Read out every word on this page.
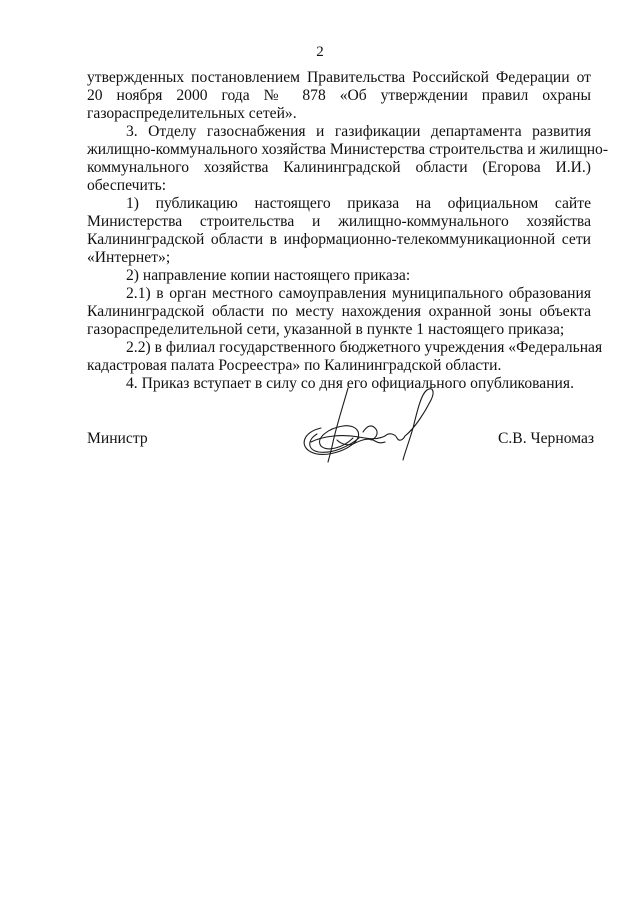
2
утвержденных постановлением Правительства Российской Федерации от
20 ноября 2000 года № 878 «Об утверждении правил охраны
газораспределительных сетей».
3. Отделу газоснабжения и газификации департамента развития
жилищно-коммунального хозяйства Министерства строительства и жилищно-
коммунального хозяйства Калининградской области (Егорова И.И.)
обеспечить:
1) публикацию настоящего приказа на официальном сайте
Министерства строительства и жилищно-коммунального хозяйства
Калининградской области в информационно-телекоммуникационной сети
«Интернет»;
2) направление копии настоящего приказа:
2.1) в орган местного самоуправления муниципального образования
Калининградской области по месту нахождения охранной зоны объекта
газораспределительной сети, указанной в пункте 1 настоящего приказа;
2.2) в филиал государственного бюджетного учреждения «Федеральная
кадастровая палата Росреестра» по Калининградской области.
4. Приказ вступает в силу со дня его официального опубликования.
Министр	С.В. Черномаз
